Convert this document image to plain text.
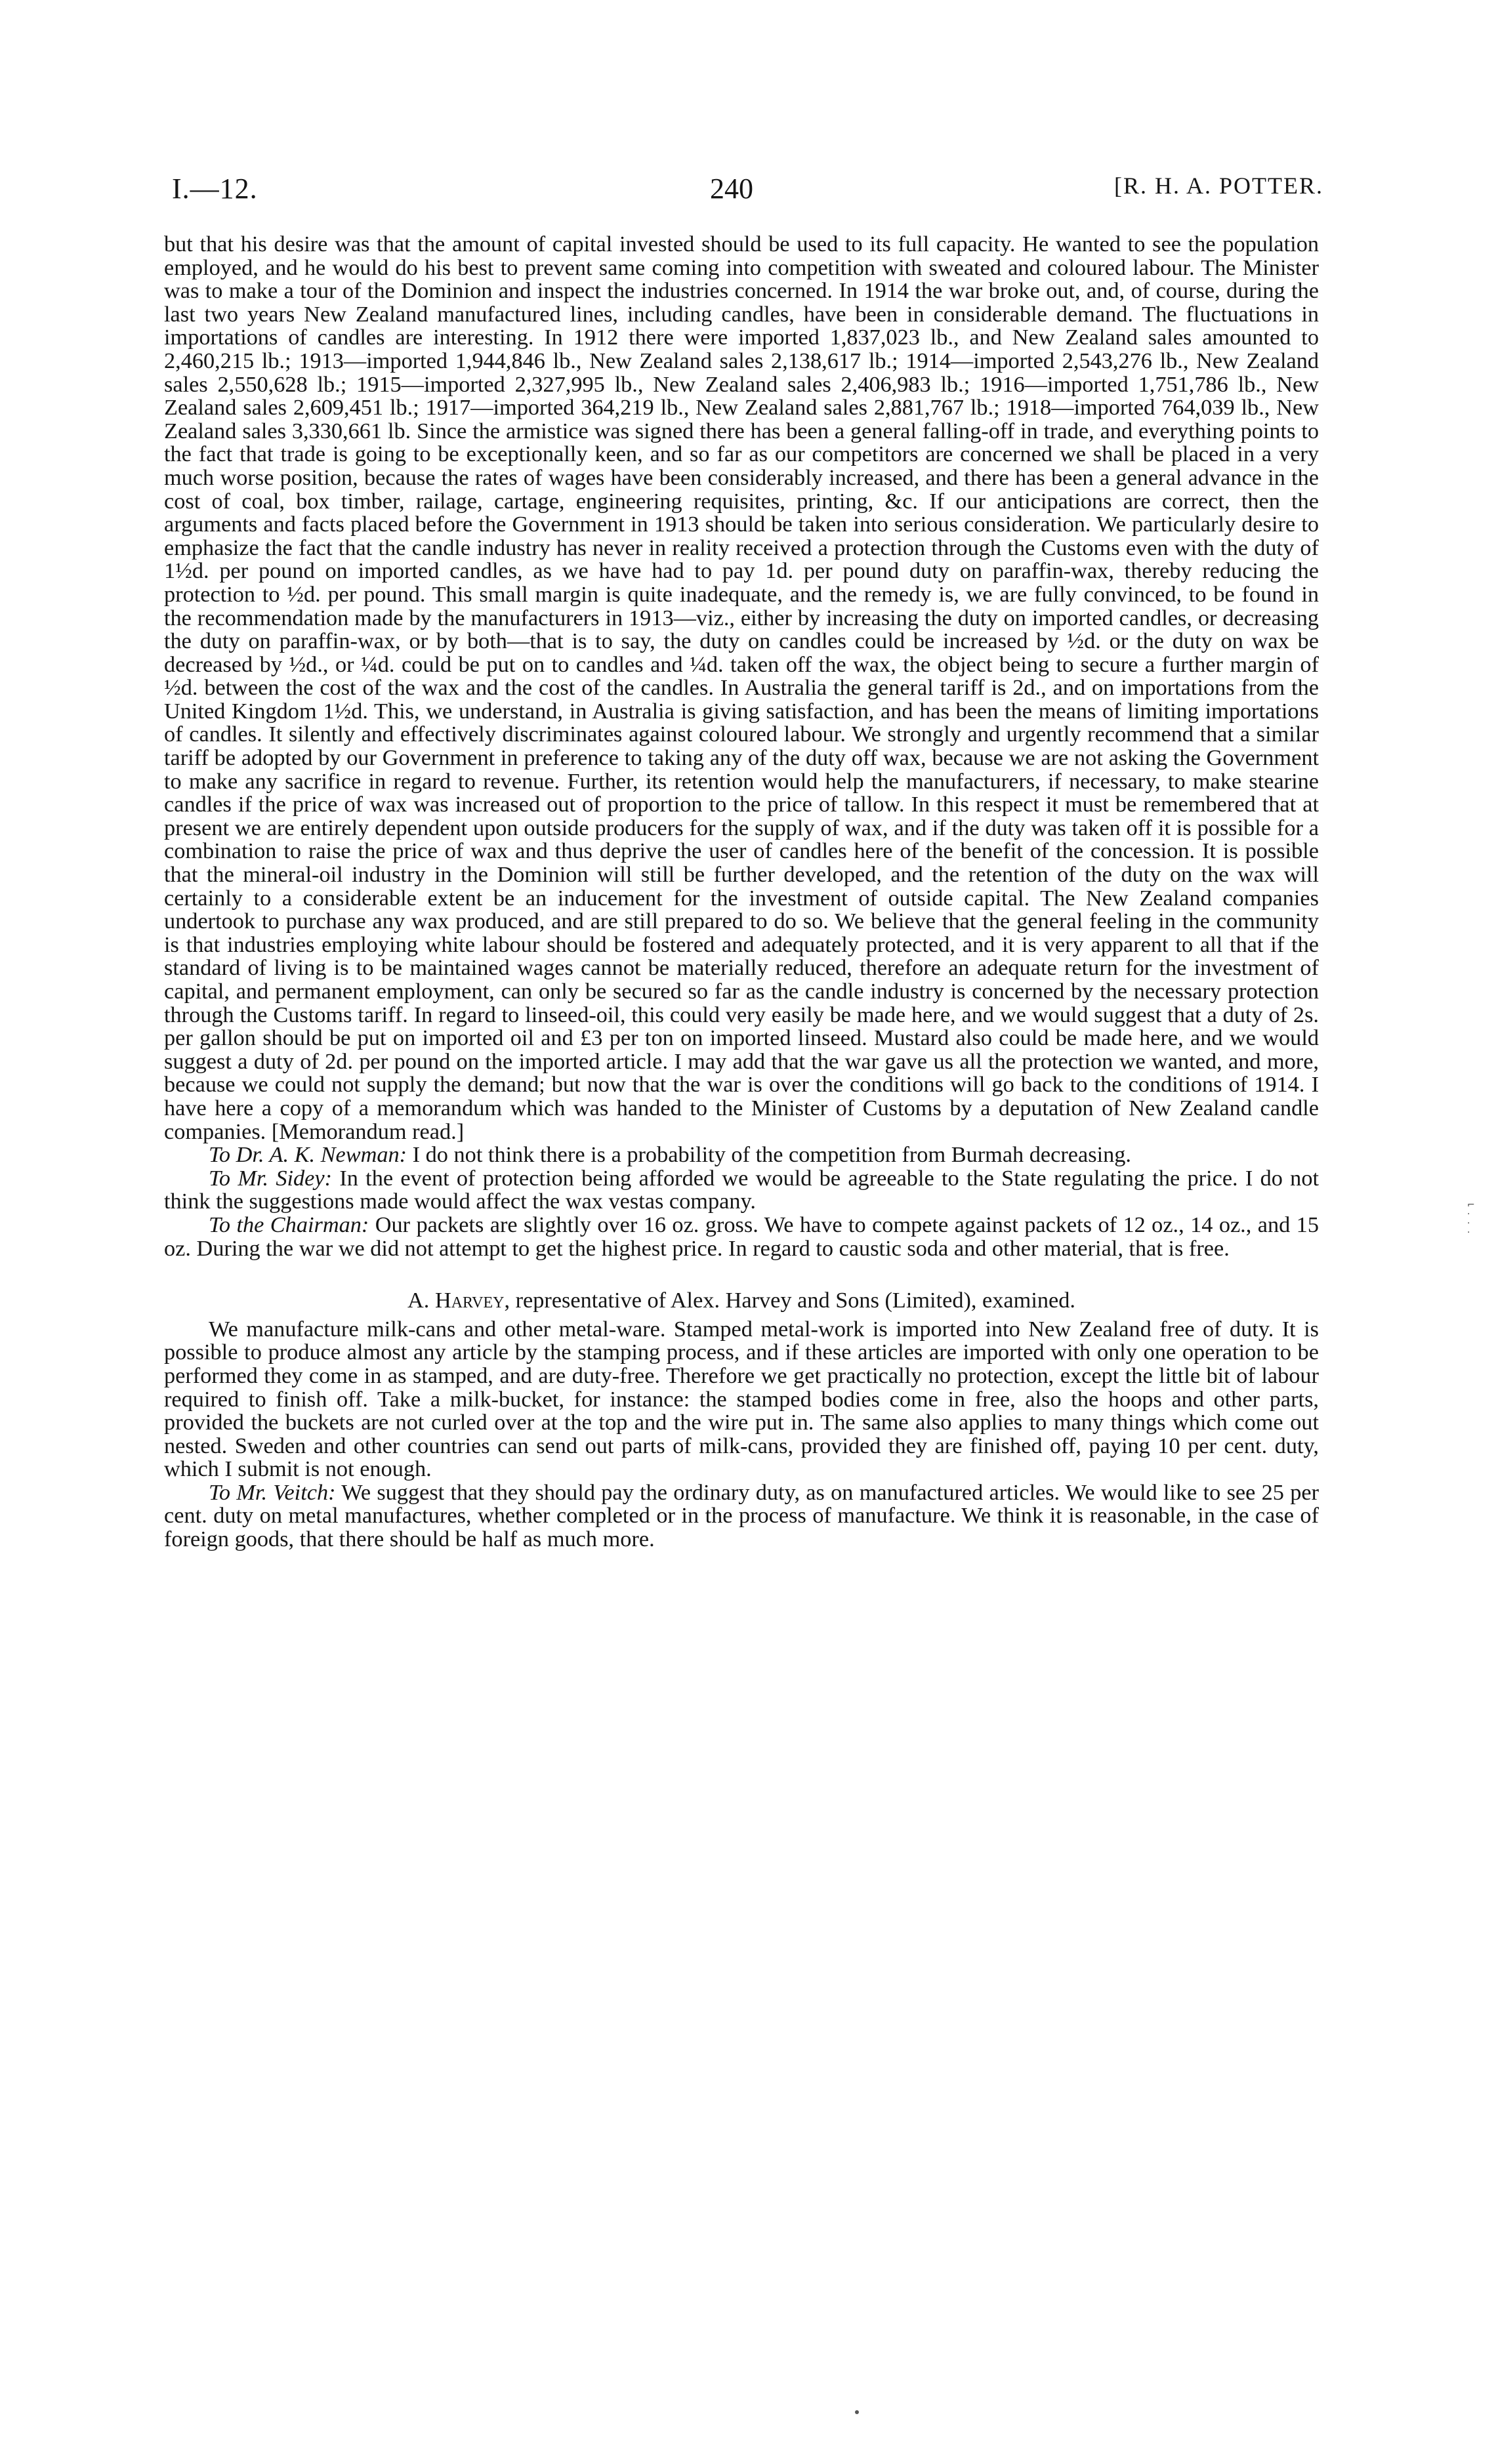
I.—12.	240	[R. H. A. POTTER.

but that his desire was that the amount of capital invested should be used to its full capacity. He wanted to see the population employed, and he would do his best to prevent same coming into competition with sweated and coloured labour. The Minister was to make a tour of the Dominion and inspect the industries concerned. In 1914 the war broke out, and, of course, during the last two years New Zealand manufactured lines, including candles, have been in considerable demand. The fluctuations in importations of candles are interesting. In 1912 there were imported 1,837,023 lb., and New Zealand sales amounted to 2,460,215 lb.; 1913—imported 1,944,846 lb., New Zealand sales 2,138,617 lb.; 1914—imported 2,543,276 lb., New Zealand sales 2,550,628 lb.; 1915—imported 2,327,995 lb., New Zealand sales 2,406,983 lb.; 1916—imported 1,751,786 lb., New Zealand sales 2,609,451 lb.; 1917—imported 364,219 lb., New Zealand sales 2,881,767 lb.; 1918—imported 764,039 lb., New Zealand sales 3,330,661 lb. Since the armistice was signed there has been a general falling-off in trade, and everything points to the fact that trade is going to be exceptionally keen, and so far as our competitors are concerned we shall be placed in a very much worse position, because the rates of wages have been considerably increased, and there has been a general advance in the cost of coal, box timber, railage, cartage, engineering requisites, printing, &c. If our anticipations are correct, then the arguments and facts placed before the Government in 1913 should be taken into serious consideration. We particularly desire to emphasize the fact that the candle industry has never in reality received a protection through the Customs even with the duty of 1½d. per pound on imported candles, as we have had to pay 1d. per pound duty on paraffin-wax, thereby reducing the protection to ½d. per pound. This small margin is quite inadequate, and the remedy is, we are fully convinced, to be found in the recommendation made by the manufacturers in 1913—viz., either by increasing the duty on imported candles, or decreasing the duty on paraffin-wax, or by both—that is to say, the duty on candles could be increased by ½d. or the duty on wax be decreased by ½d., or ¼d. could be put on to candles and ¼d. taken off the wax, the object being to secure a further margin of ½d. between the cost of the wax and the cost of the candles. In Australia the general tariff is 2d., and on importations from the United Kingdom 1½d. This, we understand, in Australia is giving satisfaction, and has been the means of limiting importations of candles. It silently and effectively discriminates against coloured labour. We strongly and urgently recommend that a similar tariff be adopted by our Government in preference to taking any of the duty off wax, because we are not asking the Government to make any sacrifice in regard to revenue. Further, its retention would help the manufacturers, if necessary, to make stearine candles if the price of wax was increased out of proportion to the price of tallow. In this respect it must be remembered that at present we are entirely dependent upon outside producers for the supply of wax, and if the duty was taken off it is possible for a combination to raise the price of wax and thus deprive the user of candles here of the benefit of the concession. It is possible that the mineral-oil industry in the Dominion will still be further developed, and the retention of the duty on the wax will certainly to a considerable extent be an inducement for the investment of outside capital. The New Zealand companies undertook to purchase any wax produced, and are still prepared to do so. We believe that the general feeling in the community is that industries employing white labour should be fostered and adequately protected, and it is very apparent to all that if the standard of living is to be maintained wages cannot be materially reduced, therefore an adequate return for the investment of capital, and permanent employment, can only be secured so far as the candle industry is concerned by the necessary protection through the Customs tariff. In regard to linseed-oil, this could very easily be made here, and we would suggest that a duty of 2s. per gallon should be put on imported oil and £3 per ton on imported linseed. Mustard also could be made here, and we would suggest a duty of 2d. per pound on the imported article. I may add that the war gave us all the protection we wanted, and more, because we could not supply the demand; but now that the war is over the conditions will go back to the conditions of 1914. I have here a copy of a memorandum which was handed to the Minister of Customs by a deputation of New Zealand candle companies. [Memorandum read.]

To Dr. A. K. Newman: I do not think there is a probability of the competition from Burmah decreasing.

To Mr. Sidey: In the event of protection being afforded we would be agreeable to the State regulating the price. I do not think the suggestions made would affect the wax vestas company.

To the Chairman: Our packets are slightly over 16 oz. gross. We have to compete against packets of 12 oz., 14 oz., and 15 oz. During the war we did not attempt to get the highest price. In regard to caustic soda and other material, that is free.

A. Harvey, representative of Alex. Harvey and Sons (Limited), examined.

We manufacture milk-cans and other metal-ware. Stamped metal-work is imported into New Zealand free of duty. It is possible to produce almost any article by the stamping process, and if these articles are imported with only one operation to be performed they come in as stamped, and are duty-free. Therefore we get practically no protection, except the little bit of labour required to finish off. Take a milk-bucket, for instance: the stamped bodies come in free, also the hoops and other parts, provided the buckets are not curled over at the top and the wire put in. The same also applies to many things which come out nested. Sweden and other countries can send out parts of milk-cans, provided they are finished off, paying 10 per cent. duty, which I submit is not enough.

To Mr. Veitch: We suggest that they should pay the ordinary duty, as on manufactured articles. We would like to see 25 per cent. duty on metal manufactures, whether completed or in the process of manufacture. We think it is reasonable, in the case of foreign goods, that there should be half as much more.

⌐
·
·
·
